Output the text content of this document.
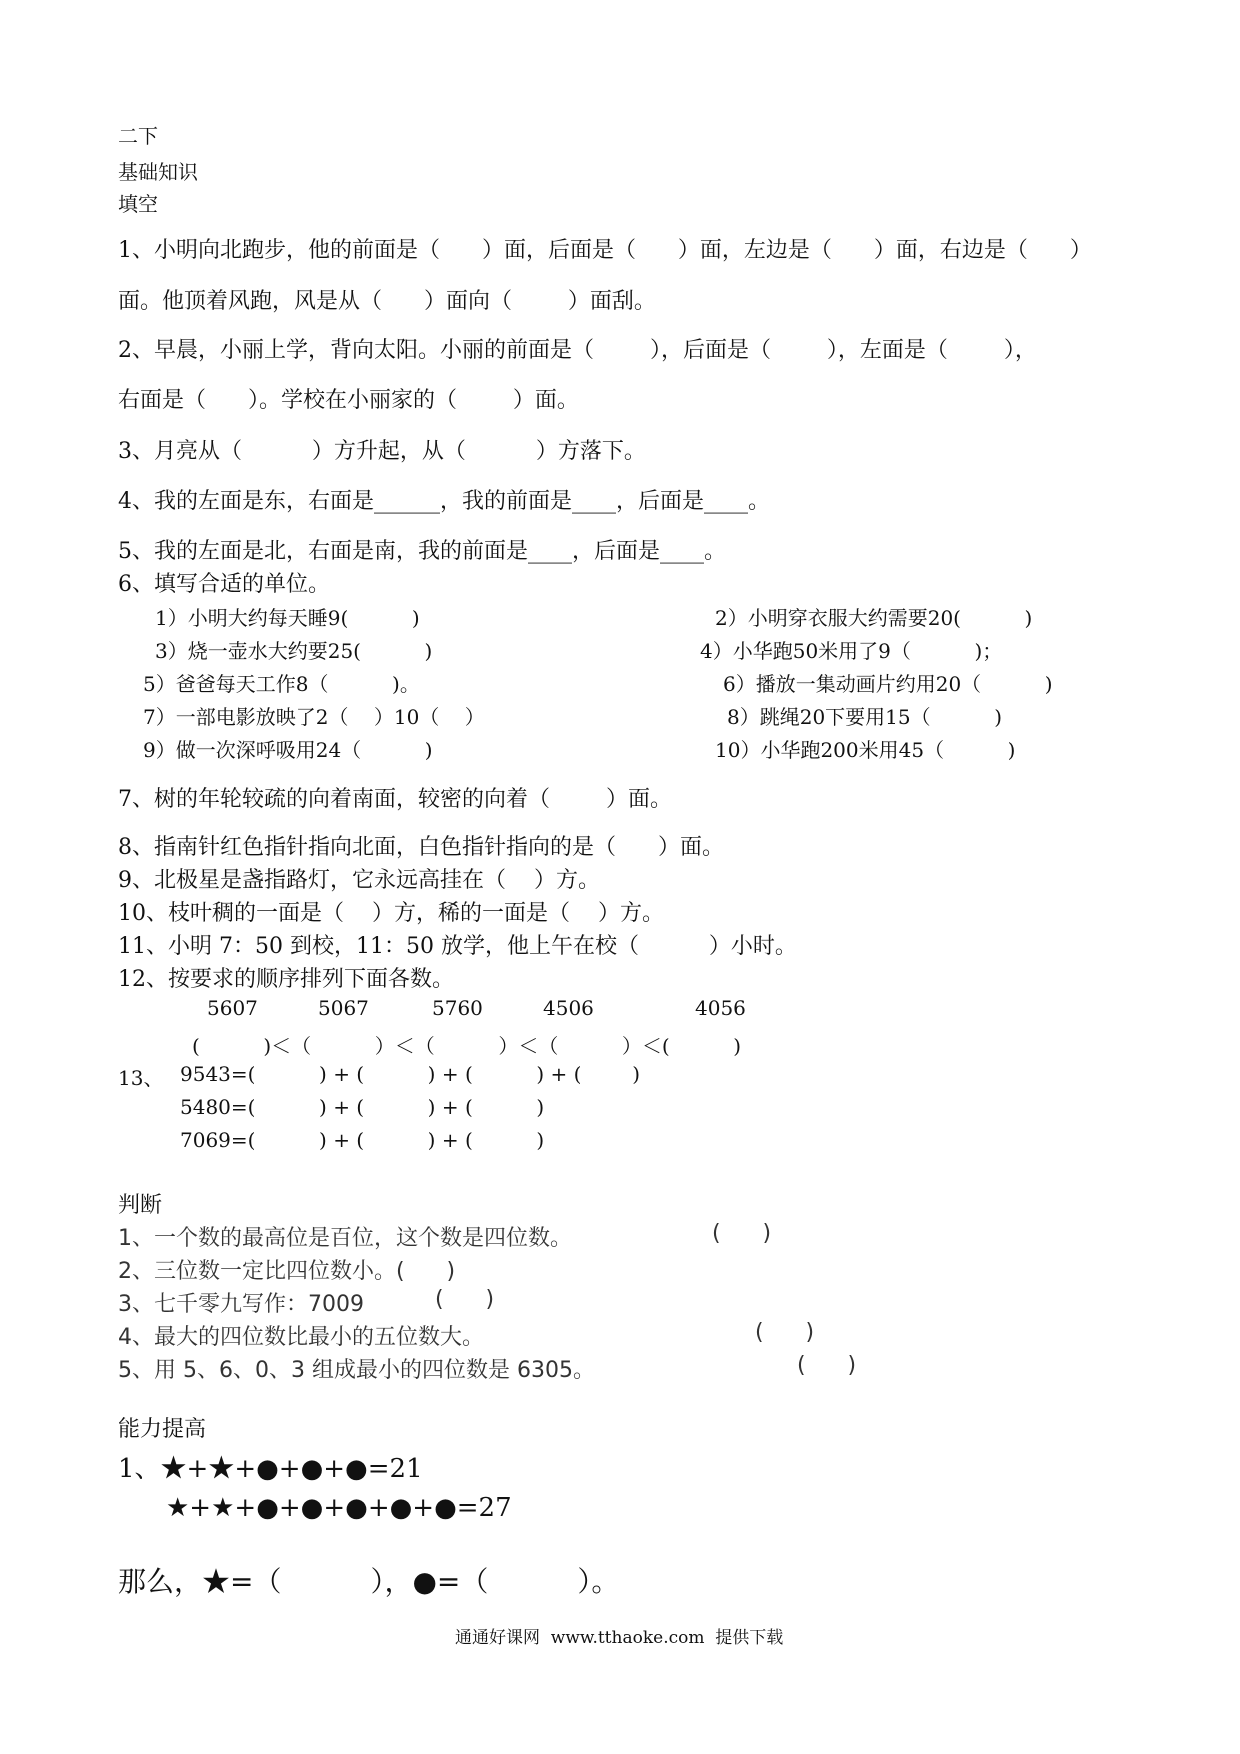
二下
基础知识
填空
1、小明向北跑步，他的前面是（      ）面，后面是（      ）面，左边是（      ）面，右边是（      ）
面。他顶着风跑，风是从（      ）面向（        ）面刮。
2、早晨，小丽上学，背向太阳。小丽的前面是（        ），后面是（        ），左面是（        ），
右面是（      ）。学校在小丽家的（        ）面。
3、月亮从（          ）方升起，从（          ）方落下。
4、我的左面是东，右面是______，我的前面是____，后面是____。
5、我的左面是北，右面是南，我的前面是____，后面是____。
6、填写合适的单位。
1）小明大约每天睡9(          )	2）小明穿衣服大约需要20(          )
3）烧一壶水大约要25(          )	4）小华跑50米用了9（          )；
5）爸爸每天工作8（          )。	6）播放一集动画片约用20（          )
7）一部电影放映了2（    ）10（    ）	8）跳绳20下要用15（          )
9）做一次深呼吸用24（          )	10）小华跑200米用45（          )
7、树的年轮较疏的向着南面，较密的向着（        ）面。
8、指南针红色指针指向北面，白色指针指向的是（      ）面。
9、北极星是盏指路灯，它永远高挂在（    ）方。
10、枝叶稠的一面是（    ）方，稀的一面是（    ）方。
11、小明 7：50 到校，11：50 放学，他上午在校（          ）小时。
12、按要求的顺序排列下面各数。
5607	5067	5760	4506	4056
(          )＜（          ）＜（          ）＜（          ）＜(          )
13、 9543=(          ) + (          ) + (          ) + (        )
5480=(          ) + (          ) + (          )
7069=(          ) + (          ) + (          )
判断
1、一个数的最高位是百位，这个数是四位数。	(      )
2、三位数一定比四位数小。(      )
3、七千零九写作：7009	(      )
4、最大的四位数比最小的五位数大。	(      )
5、用 5、6、0、3 组成最小的四位数是 6305。	(      )
能力提高
1、★+★+●+●+●=21
★+★+●+●+●+●+●=27
那么，★=（          ），●=（          ）。
通通好课网  www.tthaoke.com  提供下载
